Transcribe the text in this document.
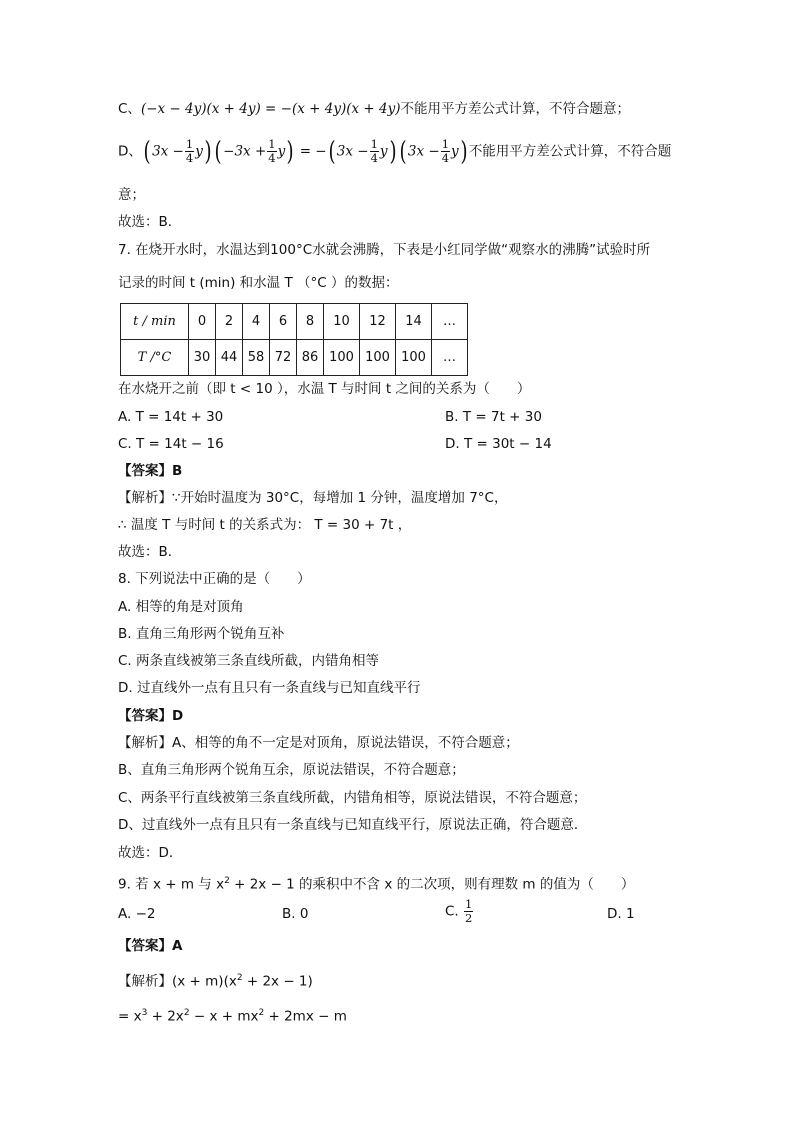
C、(−x − 4y)(x + 4y) = −(x + 4y)(x + 4y)不能用平方差公式计算，不符合题意；
D、( $3x - \frac{1}{4} y$) ( $-3x + \frac{1}{4} y$) = −( $3x - \frac{1}{4} y$) ( $3x - \frac{1}{4} y$) 不能用平方差公式计算，不符合题
意；
故选：B．
7. 在烧开水时，水温达到100°C水就会沸腾，下表是小红同学做“观察水的沸腾”试验时所
记录的时间 t (min) 和水温 T （°C ）的数据：
t / min	0	2	4	6	8	10	12	14	…
T /°C	30	44	58	72	86	100	100	100	…
在水烧开之前（即 t < 10 ），水温 T 与时间 t 之间的关系为（　　）
A. T = 14t + 30	B. T = 7t + 30
C. T = 14t − 16	D. T = 30t − 14
【答案】B
【解析】∵开始时温度为 30°C，每增加 1 分钟，温度增加 7°C，
∴ 温度 T 与时间 t 的关系式为： T = 30 + 7t ，
故选：B．
8. 下列说法中正确的是（　　）
A. 相等的角是对顶角
B. 直角三角形两个锐角互补
C. 两条直线被第三条直线所截，内错角相等
D. 过直线外一点有且只有一条直线与已知直线平行
【答案】D
【解析】A、相等的角不一定是对顶角，原说法错误，不符合题意；
B、直角三角形两个锐角互余，原说法错误，不符合题意；
C、两条平行直线被第三条直线所截，内错角相等，原说法错误，不符合题意；
D、过直线外一点有且只有一条直线与已知直线平行，原说法正确，符合题意．
故选：D．
9. 若 x + m 与 $x^2 + 2x - 1$ 的乘积中不含 x 的二次项，则有理数 m 的值为（　　）
A. −2	B. 0	C. $\frac{1}{2}$	D. 1
【答案】A
【解析】$(x + m)(x^2 + 2x - 1)$
= $x^3 + 2x^2 - x + mx^2 + 2mx - m$
